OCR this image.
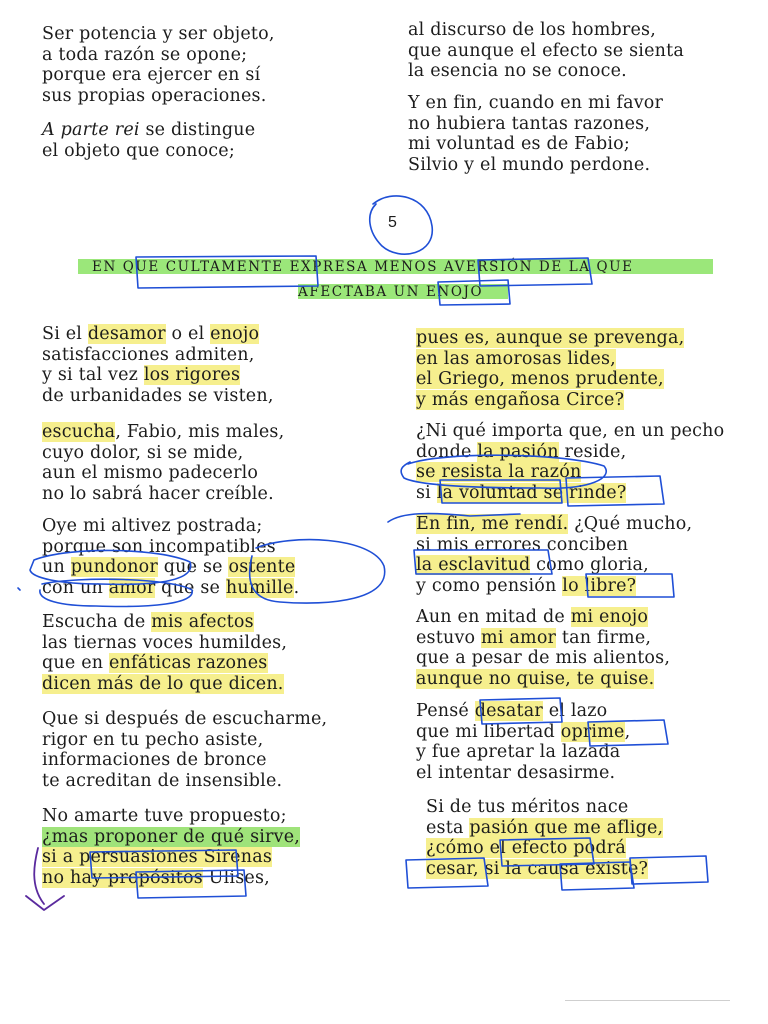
Ser potencia y ser objeto,
a toda razón se opone;
porque era ejercer en sí
sus propias operaciones.
A parte rei se distingue
el objeto que conoce;
al discurso de los hombres,
que aunque el efecto se sienta
la esencia no se conoce.
Y en fin, cuando en mi favor
no hubiera tantas razones,
mi voluntad es de Fabio;
Silvio y el mundo perdone.
5
EN QUE CULTAMENTE EXPRESA MENOS AVERSIÓN DE LA QUE
AFECTABA UN ENOJO
Si el desamor o el enojo
satisfacciones admiten,
y si tal vez los rigores
de urbanidades se visten,
escucha, Fabio, mis males,
cuyo dolor, si se mide,
aun el mismo padecerlo
no lo sabrá hacer creíble.
Oye mi altivez postrada;
porque son incompatibles
un pundonor que se ostente
con un amor que se humille.
Escucha de mis afectos
las tiernas voces humildes,
que en enfáticas razones
dicen más de lo que dicen.
Que si después de escucharme,
rigor en tu pecho asiste,
informaciones de bronce
te acreditan de insensible.
No amarte tuve propuesto;
¿mas proponer de qué sirve,
si a persuasiones Sirenas
no hay propósitos Ulises,
pues es, aunque se prevenga,
en las amorosas lides,
el Griego, menos prudente,
y más engañosa Circe?
¿Ni qué importa que, en un pecho
donde la pasión reside,
se resista la razón
si la voluntad se rinde?
En fin, me rendí. ¿Qué mucho,
si mis errores conciben
la esclavitud como gloria,
y como pensión lo libre?
Aun en mitad de mi enojo
estuvo mi amor tan firme,
que a pesar de mis alientos,
aunque no quise, te quise.
Pensé desatar el lazo
que mi libertad oprime,
y fue apretar la lazada
el intentar desasirme.
Si de tus méritos nace
esta pasión que me aflige,
¿cómo el efecto podrá
cesar, si la causa existe?
